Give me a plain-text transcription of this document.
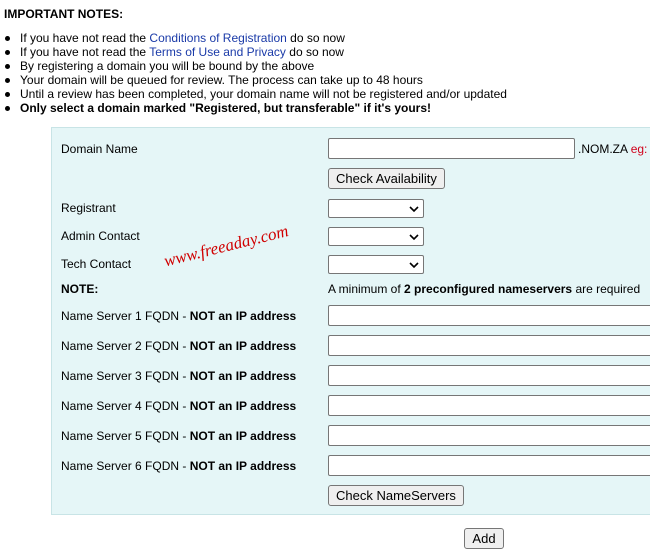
IMPORTANT NOTES:
If you have not read the Conditions of Registration do so now
If you have not read the Terms of Use and Privacy do so now
By registering a domain you will be bound by the above
Your domain will be queued for review. The process can take up to 48 hours
Until a review has been completed, your domain name will not be registered and/or updated
Only select a domain marked "Registered, but transferable" if it's yours!
Domain Name	.NOM.ZA eg:
Check Availability
Registrant
Admin Contact
Tech Contact www.freeaday.com
NOTE:	A minimum of 2 preconfigured nameservers are required
Name Server 1 FQDN - NOT an IP address
Name Server 2 FQDN - NOT an IP address
Name Server 3 FQDN - NOT an IP address
Name Server 4 FQDN - NOT an IP address
Name Server 5 FQDN - NOT an IP address
Name Server 6 FQDN - NOT an IP address
Check NameServers
Add
